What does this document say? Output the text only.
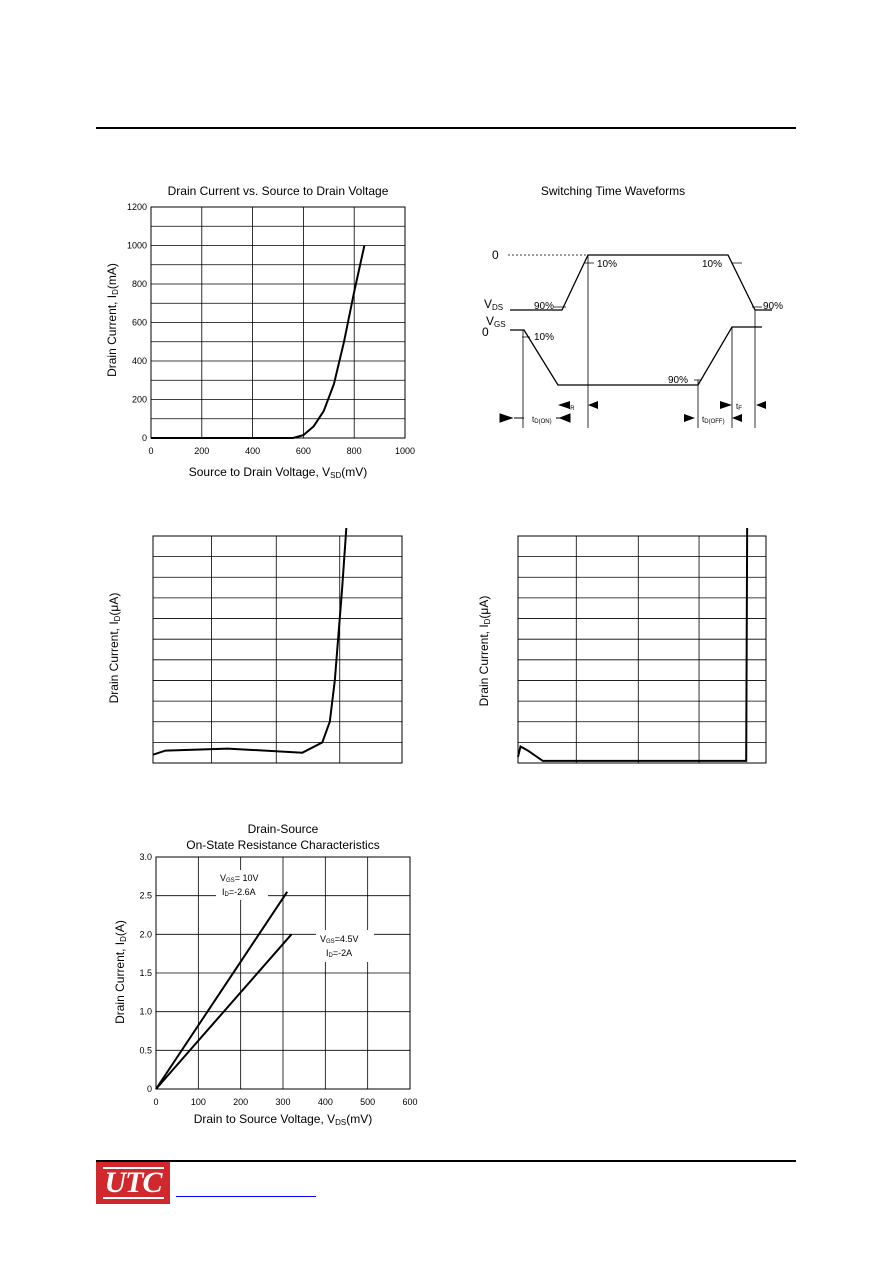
Drain Current vs. Source to Drain Voltage
Source to Drain Voltage, VSD(mV)
Drain Current, ID(mA)
0	200	400	600	800	1000
0
200
400
600
800
1000
1200
Switching Time Waveforms
0
VDS
VGS
0
10%
90%
10%
90%
10%
90%
tD(ON)
tR
tD(OFF)
tF
Drain Current, ID(μA)
Drain Current, ID(μA)
Drain-Source
On-State Resistance Characteristics
Drain to Source Voltage, VDS(mV)
Drain Current, ID(A)
0	100	200	300	400	500	600
0
0.5
1.0
1.5
2.0
2.5
3.0
VGS= 10V
ID=-2.6A
VGS=4.5V
ID=-2A
UTC
